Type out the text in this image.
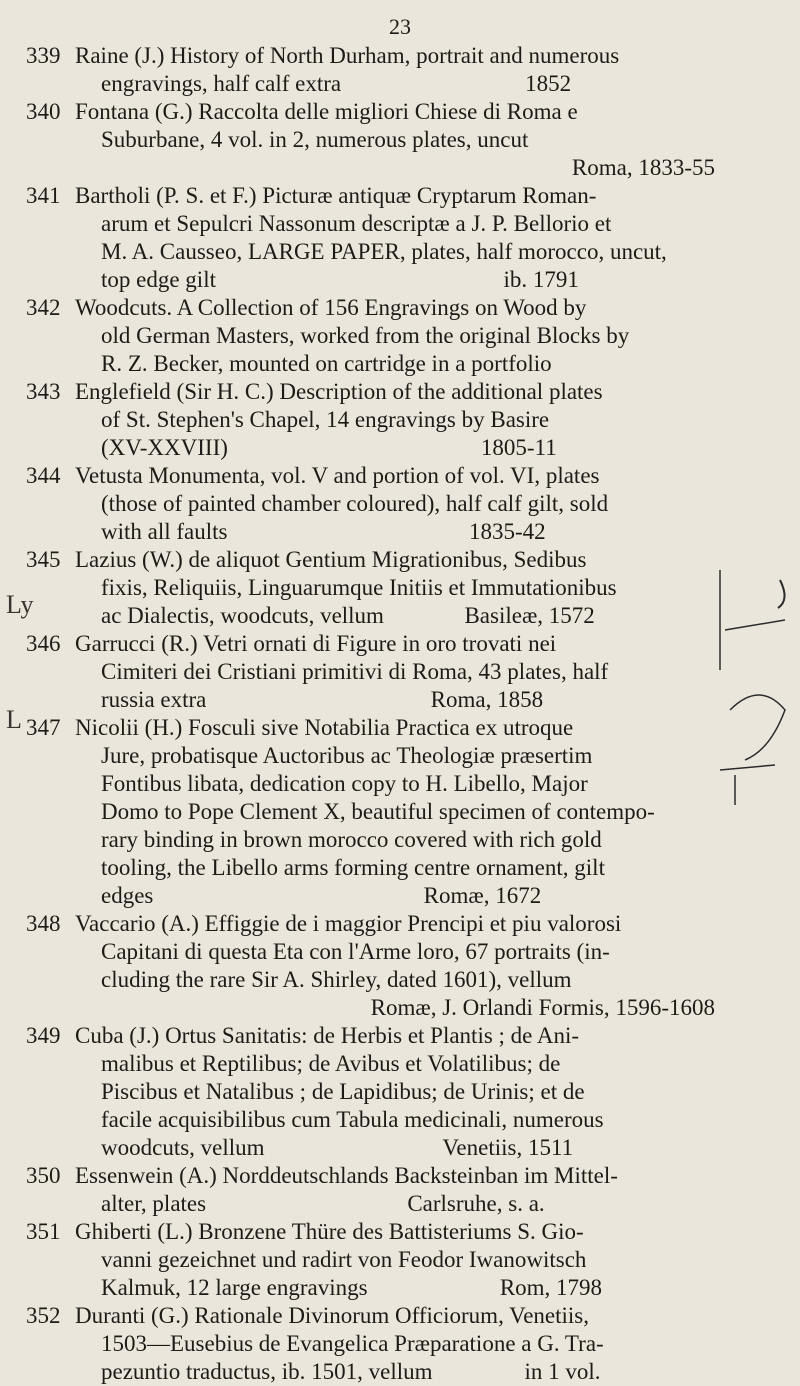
23
Ly
L
339 Raine (J.) History of North Durham, portrait and numerous
engravings, half calf extra                                1852
340 Fontana (G.) Raccolta delle migliori Chiese di Roma e
Suburbane, 4 vol. in 2, numerous plates, uncut
Roma, 1833-55
341 Bartholi (P. S. et F.) Picturæ antiquæ Cryptarum Roman-
arum et Sepulcri Nassonum descriptæ a J. P. Bellorio et
M. A. Causseo, LARGE PAPER, plates, half morocco, uncut,
top edge gilt                                                  ib. 1791
342 Woodcuts. A Collection of 156 Engravings on Wood by
old German Masters, worked from the original Blocks by
R. Z. Becker, mounted on cartridge in a portfolio
343 Englefield (Sir H. C.) Description of the additional plates
of St. Stephen's Chapel, 14 engravings by Basire
(XV-XXVIII)                                            1805-11
344 Vetusta Monumenta, vol. V and portion of vol. VI, plates
(those of painted chamber coloured), half calf gilt, sold
with all faults                                          1835-42
345 Lazius (W.) de aliquot Gentium Migrationibus, Sedibus
fixis, Reliquiis, Linguarumque Initiis et Immutationibus
ac Dialectis, woodcuts, vellum              Basileæ, 1572
346 Garrucci (R.) Vetri ornati di Figure in oro trovati nei
Cimiteri dei Cristiani primitivi di Roma, 43 plates, half
russia extra                                       Roma, 1858
347 Nicolii (H.) Fosculi sive Notabilia Practica ex utroque
Jure, probatisque Auctoribus ac Theologiæ præsertim
Fontibus libata, dedication copy to H. Libello, Major
Domo to Pope Clement X, beautiful specimen of contempo-
rary binding in brown morocco covered with rich gold
tooling, the Libello arms forming centre ornament, gilt
edges                                               Romæ, 1672
348 Vaccario (A.) Effiggie de i maggior Prencipi et piu valorosi
Capitani di questa Eta con l'Arme loro, 67 portraits (in-
cluding the rare Sir A. Shirley, dated 1601), vellum
Romæ, J. Orlandi Formis, 1596-1608
349 Cuba (J.) Ortus Sanitatis: de Herbis et Plantis ; de Ani-
malibus et Reptilibus; de Avibus et Volatilibus; de
Piscibus et Natalibus ; de Lapidibus; de Urinis; et de
facile acquisibilibus cum Tabula medicinali, numerous
woodcuts, vellum                               Venetiis, 1511
350 Essenwein (A.) Norddeutschlands Backsteinban im Mittel-
alter, plates                                   Carlsruhe, s. a.
351 Ghiberti (L.) Bronzene Thüre des Battisteriums S. Gio-
vanni gezeichnet und radirt von Feodor Iwanowitsch
Kalmuk, 12 large engravings                       Rom, 1798
352 Duranti (G.) Rationale Divinorum Officiorum, Venetiis,
1503—Eusebius de Evangelica Præparatione a G. Tra-
pezuntio traductus, ib. 1501, vellum                in 1 vol.
